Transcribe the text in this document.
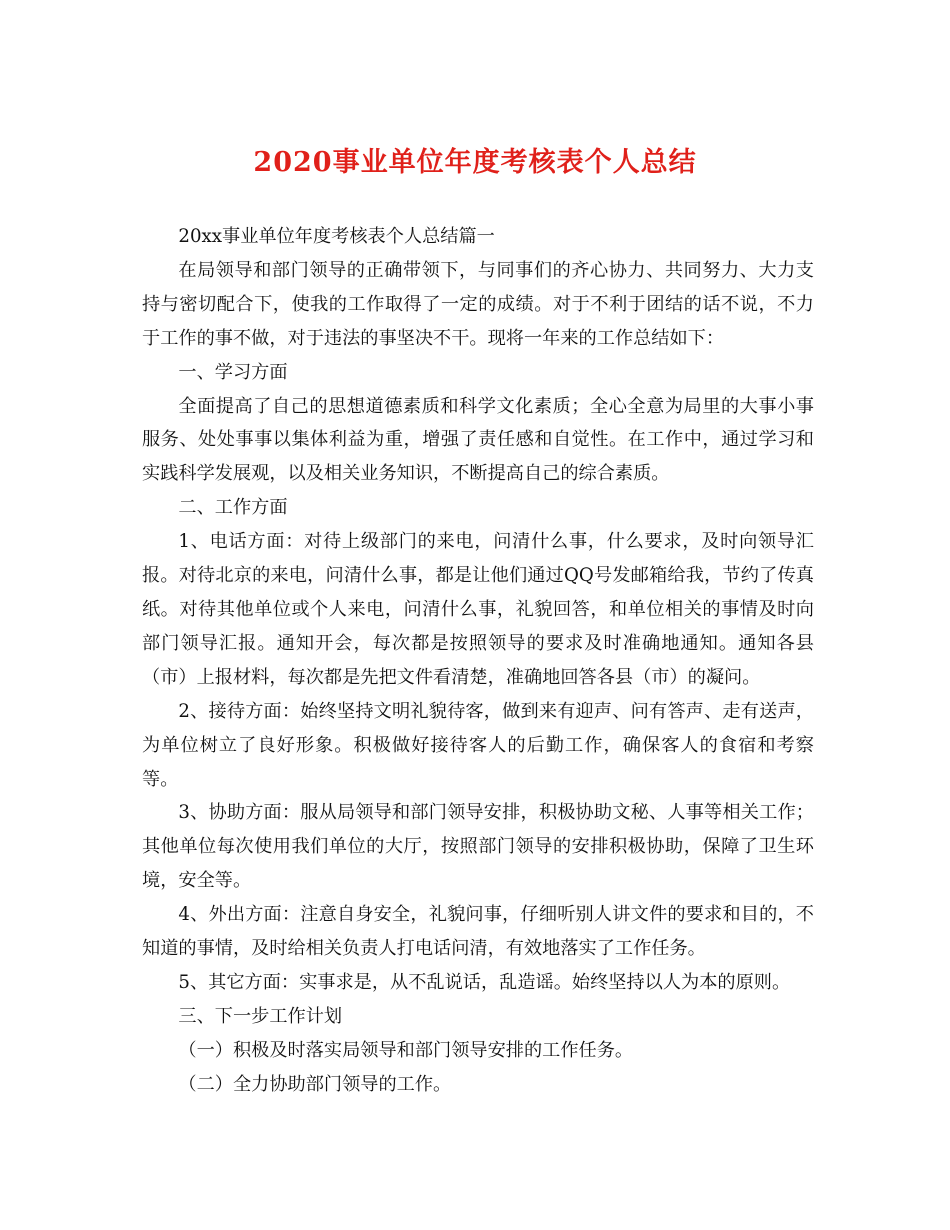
2020事业单位年度考核表个人总结

20xx事业单位年度考核表个人总结篇一

在局领导和部门领导的正确带领下，与同事们的齐心协力、共同努力、大力支持与密切配合下，使我的工作取得了一定的成绩。对于不利于团结的话不说，不力于工作的事不做，对于违法的事坚决不干。现将一年来的工作总结如下：

一、学习方面

全面提高了自己的思想道德素质和科学文化素质；全心全意为局里的大事小事服务、处处事事以集体利益为重，增强了责任感和自觉性。在工作中，通过学习和实践科学发展观，以及相关业务知识，不断提高自己的综合素质。

二、工作方面

1、电话方面：对待上级部门的来电，问清什么事，什么要求，及时向领导汇报。对待北京的来电，问清什么事，都是让他们通过QQ号发邮箱给我，节约了传真纸。对待其他单位或个人来电，问清什么事，礼貌回答，和单位相关的事情及时向部门领导汇报。通知开会，每次都是按照领导的要求及时准确地通知。通知各县（市）上报材料，每次都是先把文件看清楚，准确地回答各县（市）的凝问。

2、接待方面：始终坚持文明礼貌待客，做到来有迎声、问有答声、走有送声，为单位树立了良好形象。积极做好接待客人的后勤工作，确保客人的食宿和考察等。

3、协助方面：服从局领导和部门领导安排，积极协助文秘、人事等相关工作；其他单位每次使用我们单位的大厅，按照部门领导的安排积极协助，保障了卫生环境，安全等。

4、外出方面：注意自身安全，礼貌问事，仔细听别人讲文件的要求和目的，不知道的事情，及时给相关负责人打电话问清，有效地落实了工作任务。

5、其它方面：实事求是，从不乱说话，乱造谣。始终坚持以人为本的原则。

三、下一步工作计划

（一）积极及时落实局领导和部门领导安排的工作任务。

（二）全力协助部门领导的工作。
